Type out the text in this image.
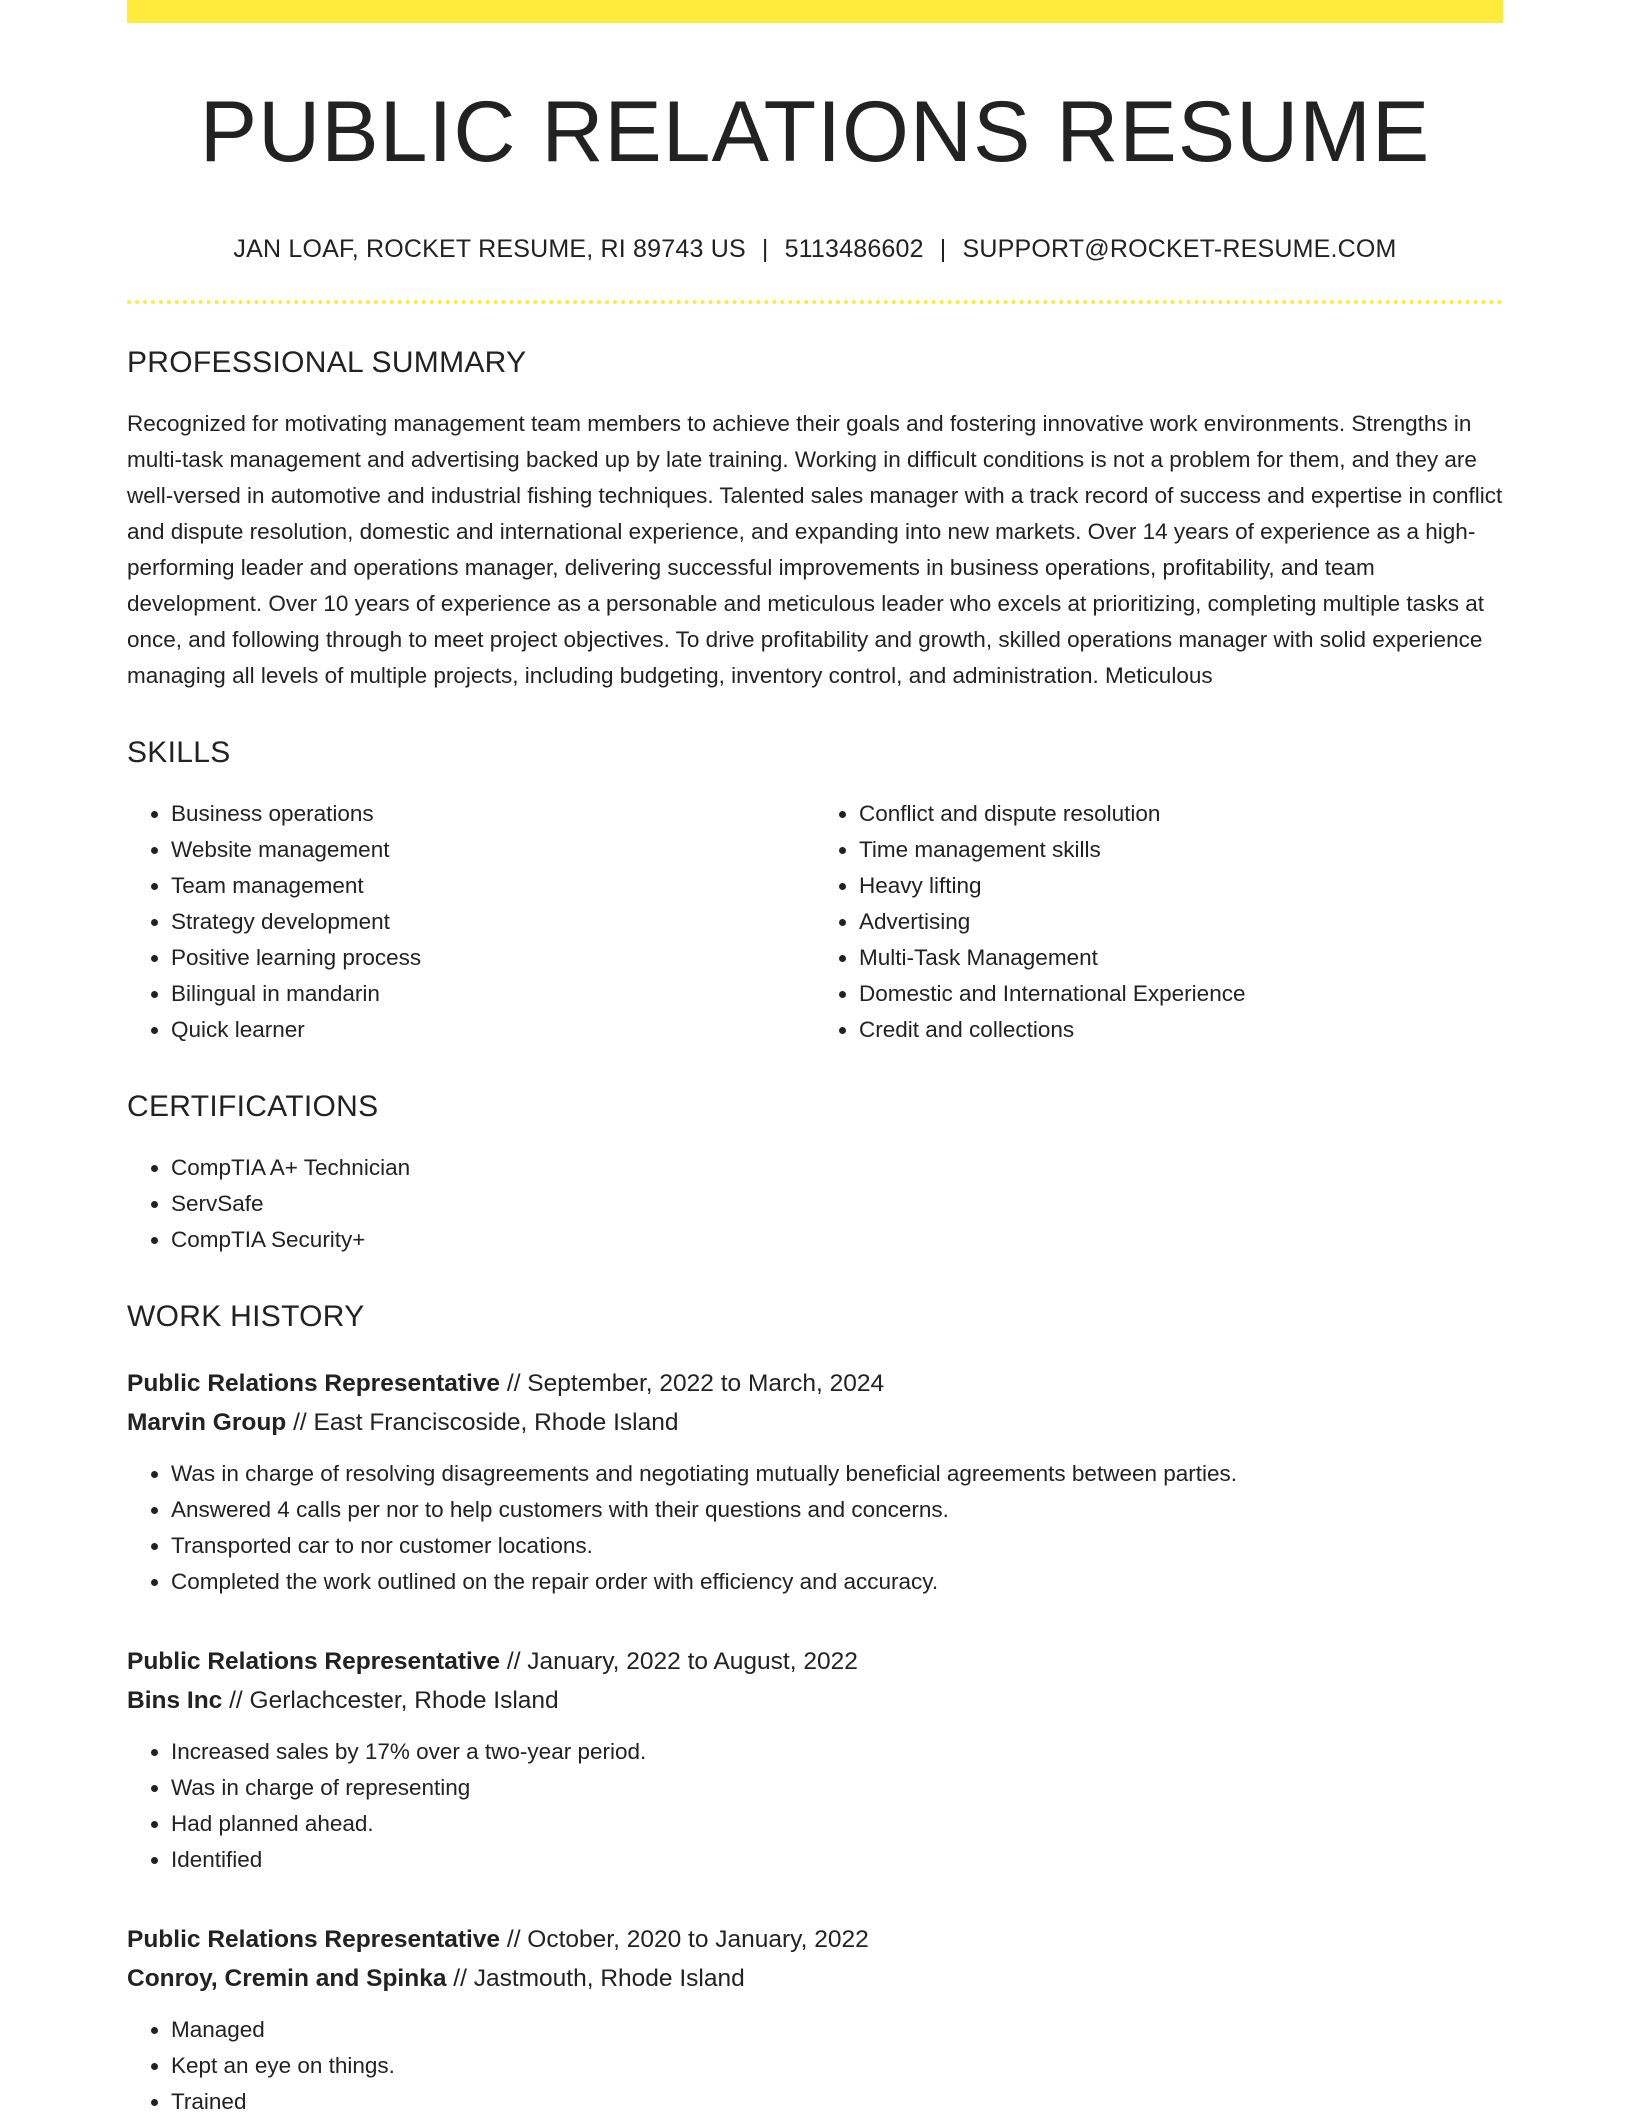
PUBLIC RELATIONS RESUME
JAN LOAF, ROCKET RESUME, RI 89743 US | 5113486602 | SUPPORT@ROCKET-RESUME.COM
PROFESSIONAL SUMMARY

Recognized for motivating management team members to achieve their goals and fostering innovative work environments. Strengths in multi-task management and advertising backed up by late training. Working in difficult conditions is not a problem for them, and they are well-versed in automotive and industrial fishing techniques. Talented sales manager with a track record of success and expertise in conflict and dispute resolution, domestic and international experience, and expanding into new markets. Over 14 years of experience as a high-performing leader and operations manager, delivering successful improvements in business operations, profitability, and team development. Over 10 years of experience as a personable and meticulous leader who excels at prioritizing, completing multiple tasks at once, and following through to meet project objectives. To drive profitability and growth, skilled operations manager with solid experience managing all levels of multiple projects, including budgeting, inventory control, and administration. Meticulous

SKILLS
• Business operations
• Website management
• Team management
• Strategy development
• Positive learning process
• Bilingual in mandarin
• Quick learner
• Conflict and dispute resolution
• Time management skills
• Heavy lifting
• Advertising
• Multi-Task Management
• Domestic and International Experience
• Credit and collections
CERTIFICATIONS
• CompTIA A+ Technician
• ServSafe
• CompTIA Security+
WORK HISTORY
Public Relations Representative // September, 2022 to March, 2024
Marvin Group // East Franciscoside, Rhode Island
• Was in charge of resolving disagreements and negotiating mutually beneficial agreements between parties.
• Answered 4 calls per nor to help customers with their questions and concerns.
• Transported car to nor customer locations.
• Completed the work outlined on the repair order with efficiency and accuracy.
Public Relations Representative // January, 2022 to August, 2022
Bins Inc // Gerlachcester, Rhode Island
• Increased sales by 17% over a two-year period.
• Was in charge of representing
• Had planned ahead.
• Identified
Public Relations Representative // October, 2020 to January, 2022
Conroy, Cremin and Spinka // Jastmouth, Rhode Island
• Managed
• Kept an eye on things.
• Trained
